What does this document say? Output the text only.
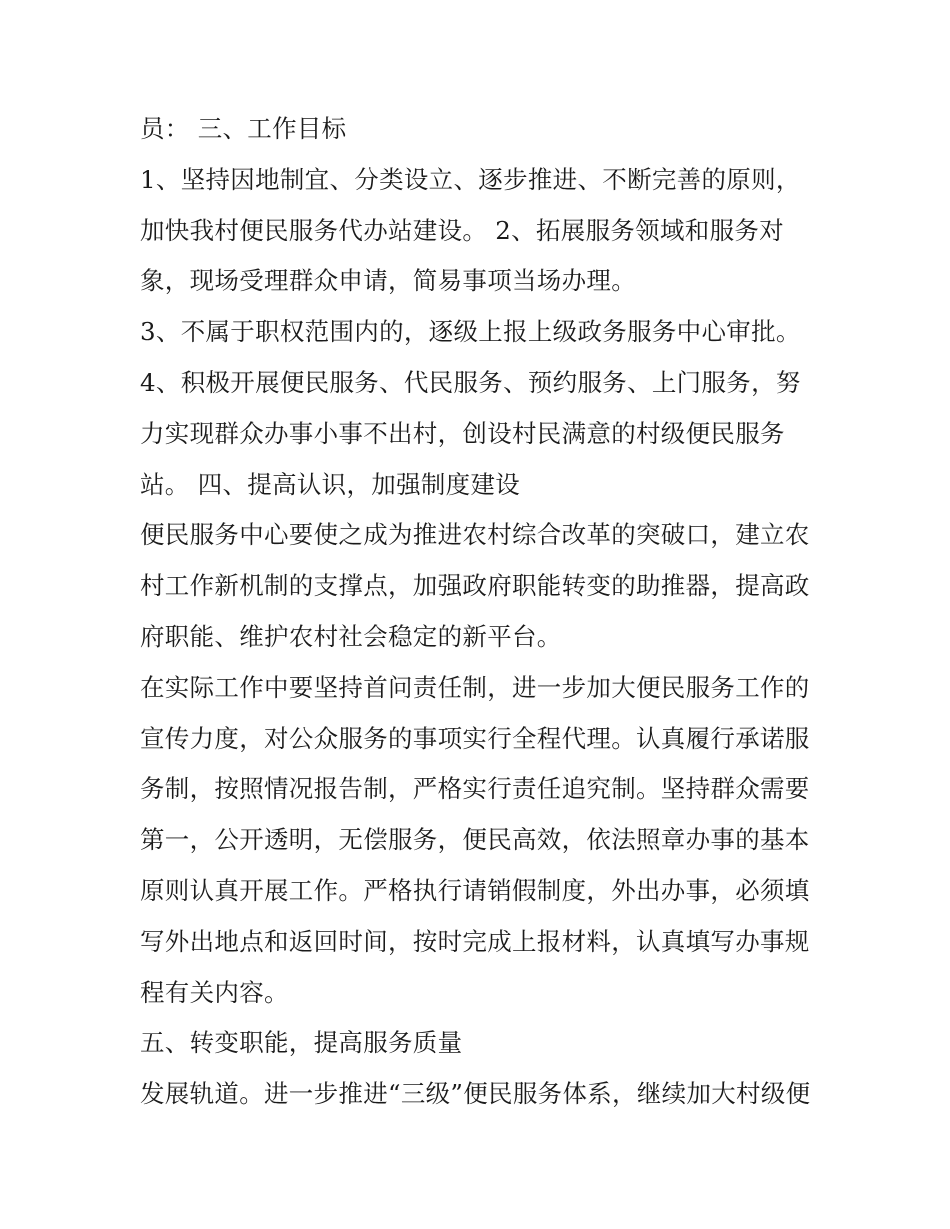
员： 三、工作目标
1、坚持因地制宜、分类设立、逐步推进、不断完善的原则，
加快我村便民服务代办站建设。 2、拓展服务领域和服务对
象，现场受理群众申请，简易事项当场办理。
3、不属于职权范围内的，逐级上报上级政务服务中心审批。
4、积极开展便民服务、代民服务、预约服务、上门服务，努
力实现群众办事小事不出村，创设村民满意的村级便民服务
站。 四、提高认识，加强制度建设
便民服务中心要使之成为推进农村综合改革的突破口，建立农
村工作新机制的支撑点，加强政府职能转变的助推器，提高政
府职能、维护农村社会稳定的新平台。
在实际工作中要坚持首问责任制，进一步加大便民服务工作的
宣传力度，对公众服务的事项实行全程代理。认真履行承诺服
务制，按照情况报告制，严格实行责任追究制。坚持群众需要
第一，公开透明，无偿服务，便民高效，依法照章办事的基本
原则认真开展工作。严格执行请销假制度，外出办事，必须填
写外出地点和返回时间，按时完成上报材料，认真填写办事规
程有关内容。
五、转变职能，提高服务质量
发展轨道。进一步推进“三级”便民服务体系，继续加大村级便
